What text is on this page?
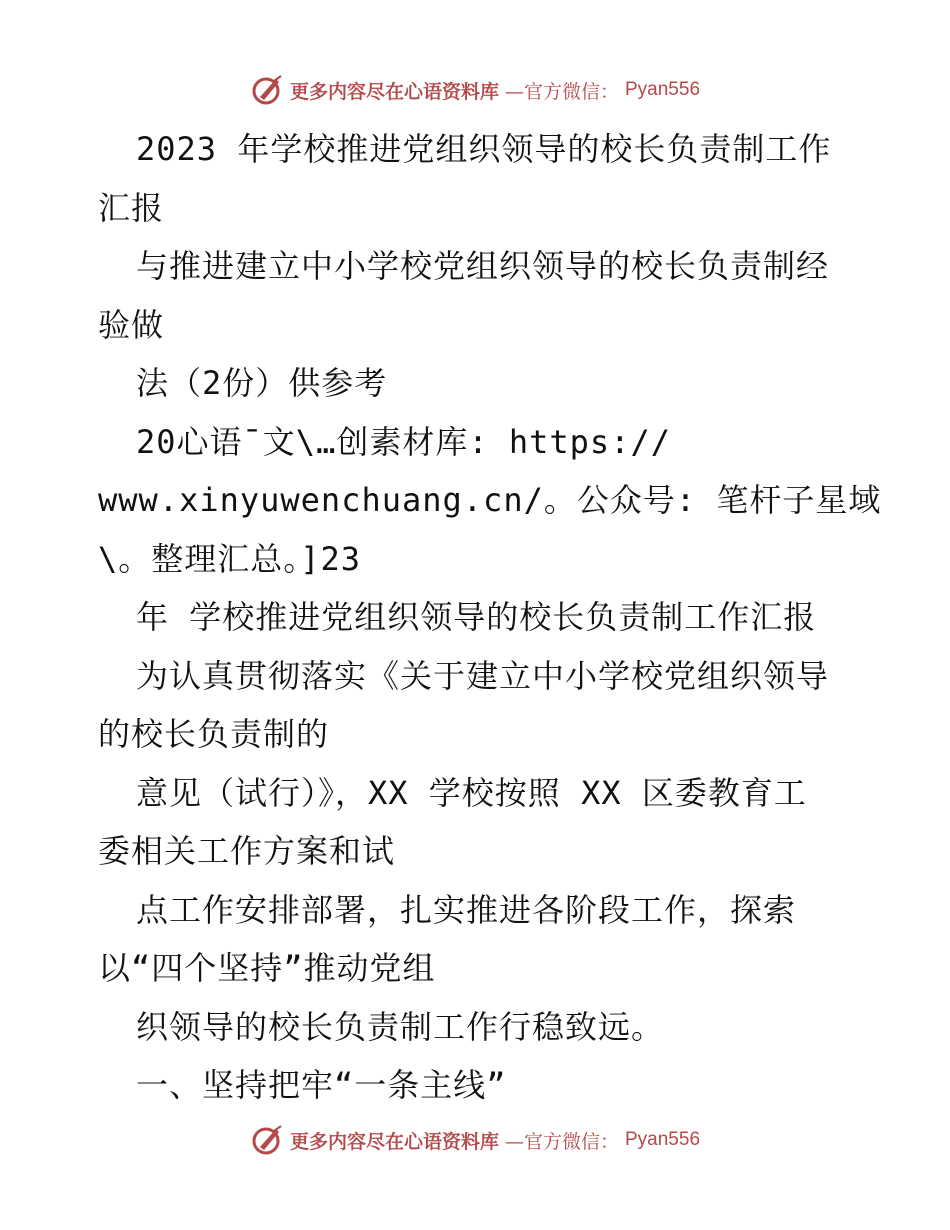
更多内容尽在心语资料库 —官方微信： Pyan556
2023 年学校推进党组织领导的校长负责制工作
汇报
与推进建立中小学校党组织领导的校长负责制经
验做
法（2份）供参考
20心语¯文\…创素材库: https://
www.xinyuwenchuang.cn/。公众号: 笔杆子星域
\。整理汇总。]23
年 学校推进党组织领导的校长负责制工作汇报
为认真贯彻落实《关于建立中小学校党组织领导
的校长负责制的
意见（试行）》，XX 学校按照 XX 区委教育工
委相关工作方案和试
点工作安排部署，扎实推进各阶段工作，探索
以“四个坚持”推动党组
织领导的校长负责制工作行稳致远。
一、坚持把牢“一条主线”
更多内容尽在心语资料库 —官方微信： Pyan556
